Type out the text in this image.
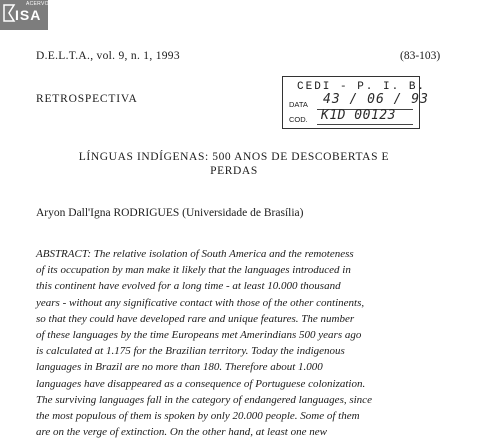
ACERVO
ISA
D.E.L.T.A., vol. 9, n. 1, 1993	(83-103)
RETROSPECTIVA
CEDI - P. I. B.
DATA 43 / 06 / 93
COD. K1D 00123
LÍNGUAS INDÍGENAS: 500 ANOS DE DESCOBERTAS E
PERDAS
Aryon Dall'Igna RODRIGUES (Universidade de Brasília)
ABSTRACT: The relative isolation of South America and the remoteness
of its occupation by man make it likely that the languages introduced in
this continent have evolved for a long time - at least 10.000 thousand
years - without any significative contact with those of the other continents,
so that they could have developed rare and unique features. The number
of these languages by the time Europeans met Amerindians 500 years ago
is calculated at 1.175 for the Brazilian territory. Today the indigenous
languages in Brazil are no more than 180. Therefore about 1.000
languages have disappeared as a consequence of Portuguese colonization.
The surviving languages fall in the category of endangered languages, since
the most populous of them is spoken by only 20.000 people. Some of them
are on the verge of extinction. On the other hand, at least one new
